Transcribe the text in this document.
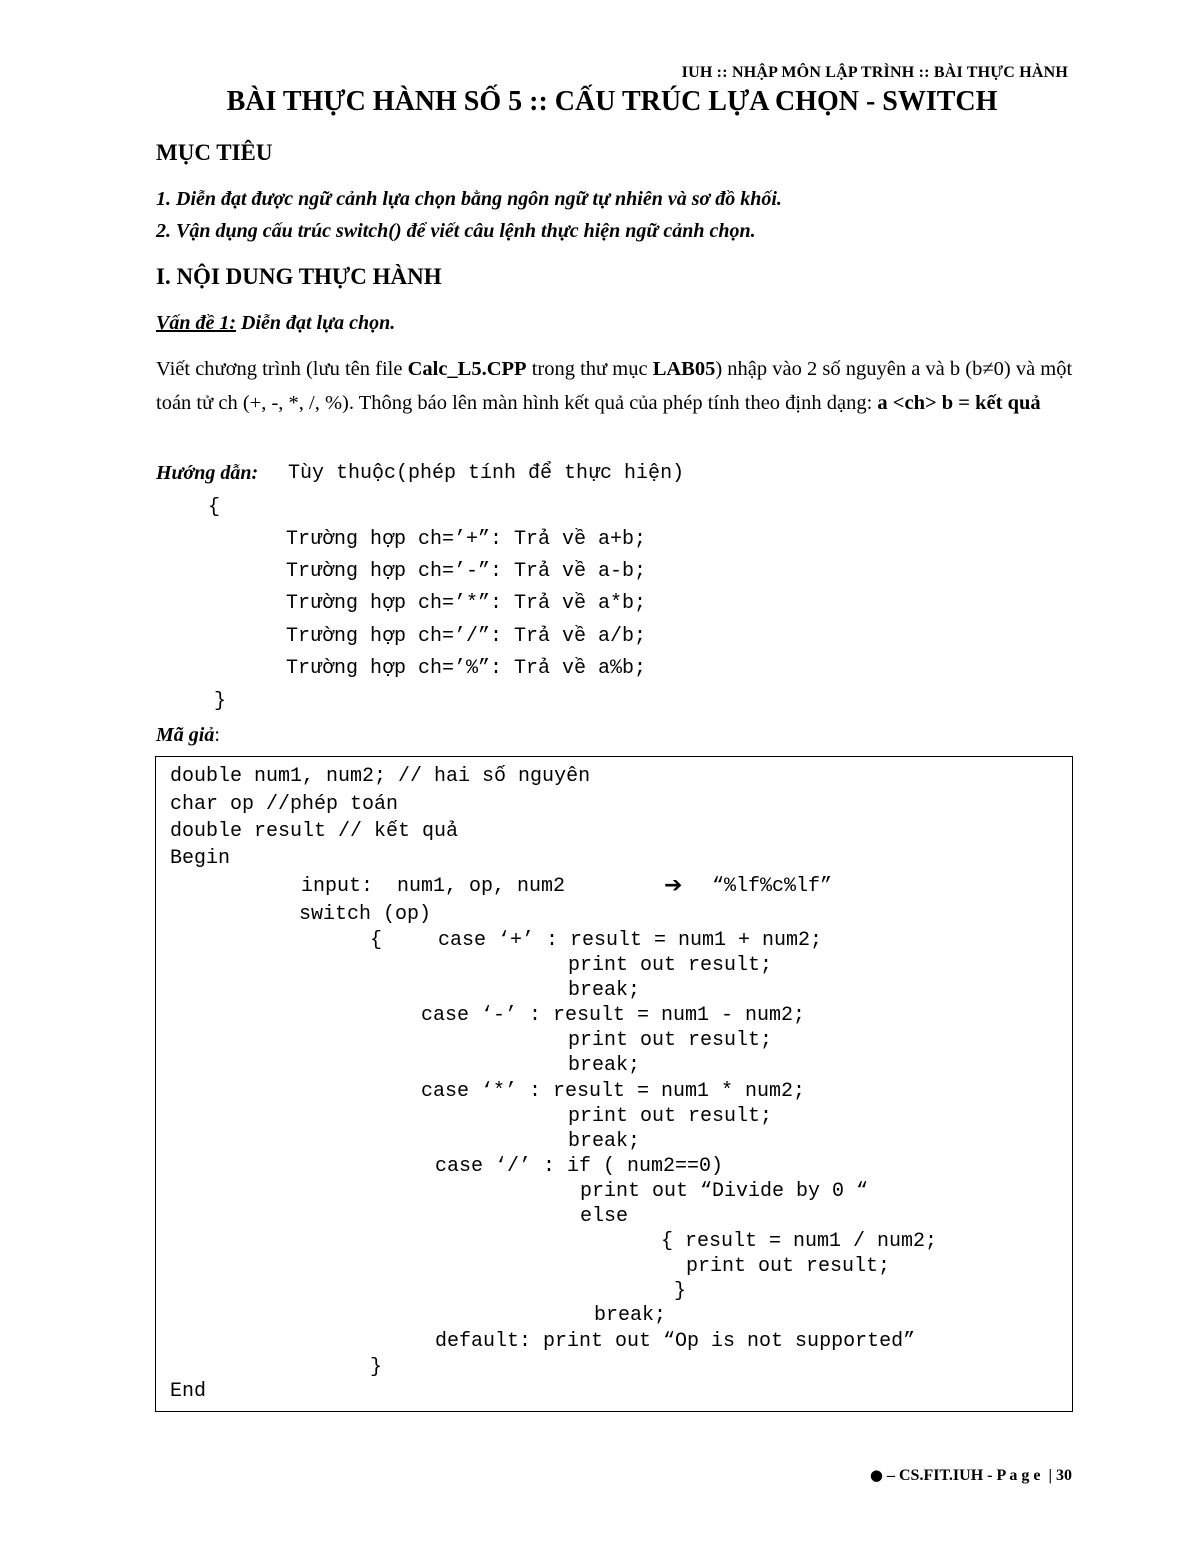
IUH :: NHẬP MÔN LẬP TRÌNH :: BÀI THỰC HÀNH
BÀI THỰC HÀNH SỐ 5 :: CẤU TRÚC LỰA CHỌN - SWITCH
MỤC TIÊU
1. Diễn đạt được ngữ cảnh lựa chọn bằng ngôn ngữ tự nhiên và sơ đồ khối.
2. Vận dụng cấu trúc switch() để viết câu lệnh thực hiện ngữ cảnh chọn.
I. NỘI DUNG THỰC HÀNH
Vấn đề 1: Diễn đạt lựa chọn.
Viết chương trình (lưu tên file Calc_L5.CPP trong thư mục LAB05) nhập vào 2 số nguyên a và b (b≠0) và một toán tử ch (+, -, *, /, %). Thông báo lên màn hình kết quả của phép tính theo định dạng: a <ch> b = kết quả
Hướng dẫn: Tùy thuộc(phép tính để thực hiện)
{
Trường hợp ch=’+”: Trả về a+b;
Trường hợp ch=’-”: Trả về a-b;
Trường hợp ch=’*”: Trả về a*b;
Trường hợp ch=’/”: Trả về a/b;
Trường hợp ch=’%”: Trả về a%b;
}
Mã giả:
double num1, num2; // hai số nguyên
char op //phép toán
double result // kết quả
Begin
input:  num1, op, num2	➔ “%lf%c%lf”
switch (op)
{	case ‘+’ : result = num1 + num2;
print out result;
break;
case ‘-’ : result = num1 - num2;
print out result;
break;
case ‘*’ : result = num1 * num2;
print out result;
break;
case ‘/’ : if ( num2==0)
print out “Divide by 0 “
else
{ result = num1 / num2;
print out result;
}
break;
default: print out “Op is not supported”
}
End
● – CS.FIT.IUH - P a g e  | 30
